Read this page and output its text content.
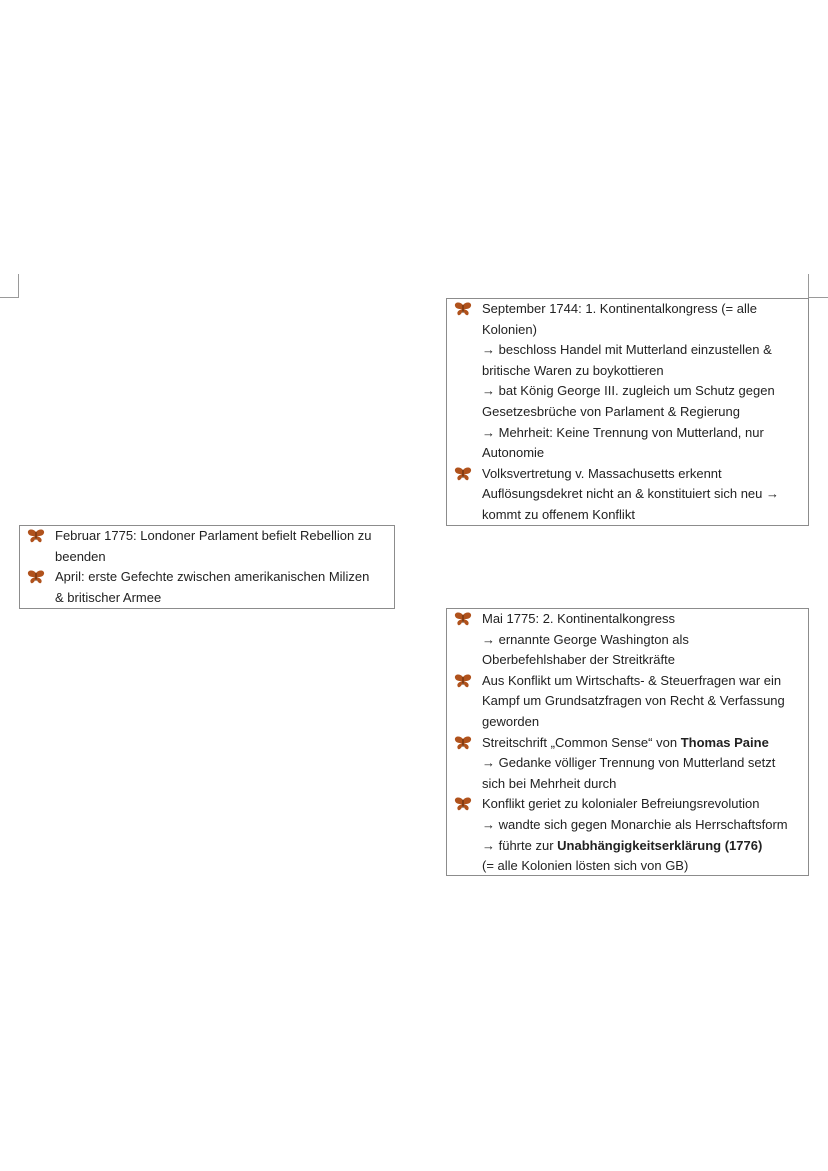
September 1744: 1. Kontinentalkongress (= alle
Kolonien)
→ beschloss Handel mit Mutterland einzustellen &
britische Waren zu boykottieren
→ bat König George III. zugleich um Schutz gegen
Gesetzesbrüche von Parlament & Regierung
→ Mehrheit: Keine Trennung von Mutterland, nur
Autonomie
Volksvertretung v. Massachusetts erkennt
Auflösungsdekret nicht an & konstituiert sich neu →
kommt zu offenem Konflikt
Februar 1775: Londoner Parlament befielt Rebellion zu
beenden
April: erste Gefechte zwischen amerikanischen Milizen
& britischer Armee
Mai 1775: 2. Kontinentalkongress
→ ernannte George Washington als
Oberbefehlshaber der Streitkräfte
Aus Konflikt um Wirtschafts- & Steuerfragen war ein
Kampf um Grundsatzfragen von Recht & Verfassung
geworden
Streitschrift „Common Sense“ von Thomas Paine
→ Gedanke völliger Trennung von Mutterland setzt
sich bei Mehrheit durch
Konflikt geriet zu kolonialer Befreiungsrevolution
→ wandte sich gegen Monarchie als Herrschaftsform
→ führte zur Unabhängigkeitserklärung (1776)
(= alle Kolonien lösten sich von GB)
